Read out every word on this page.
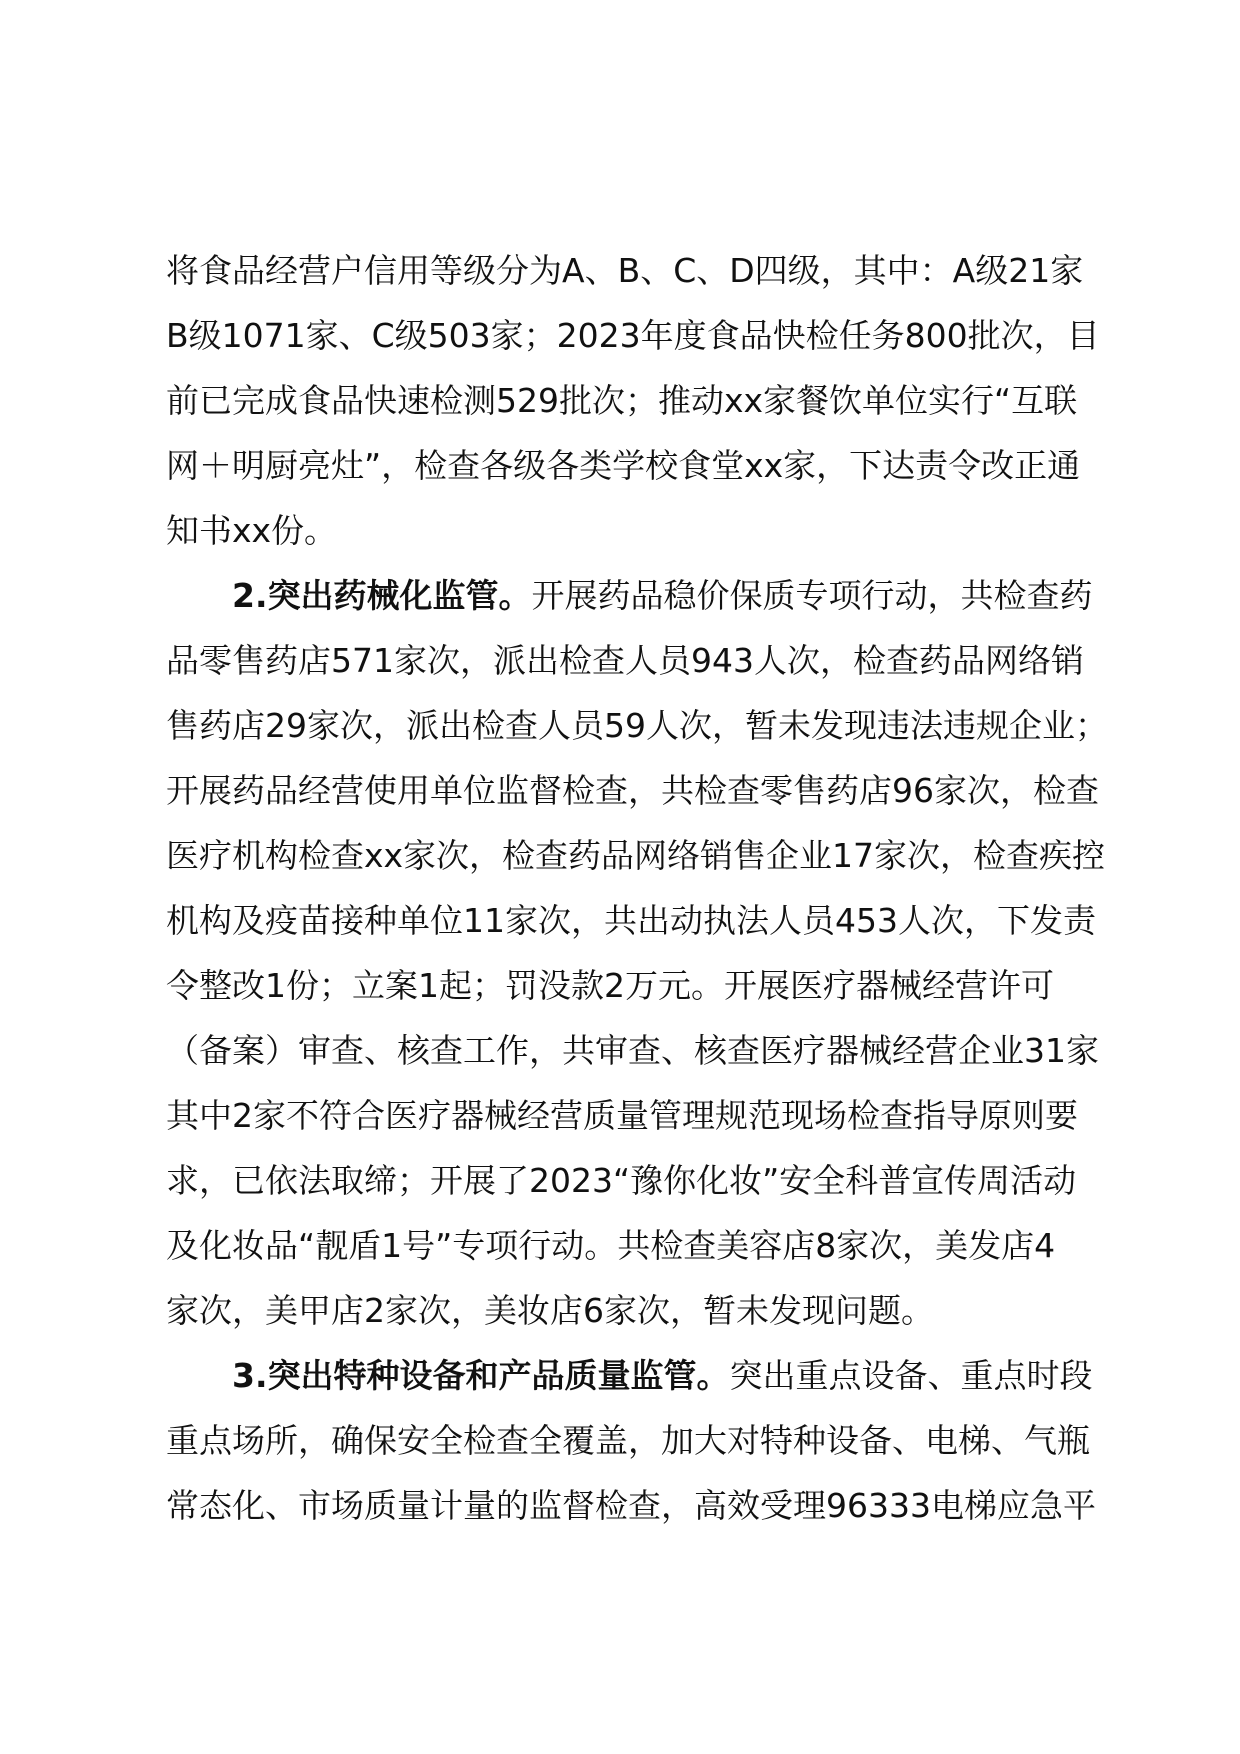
将食品经营户信用等级分为A、B、C、D四级，其中：A级21家
B级1071家、C级503家；2023年度食品快检任务800批次，目
前已完成食品快速检测529批次；推动xx家餐饮单位实行“互联
网＋明厨亮灶”，检查各级各类学校食堂xx家，下达责令改正通
知书xx份。
2.突出药械化监管。开展药品稳价保质专项行动，共检查药
品零售药店571家次，派出检查人员943人次，检查药品网络销
售药店29家次，派出检查人员59人次，暂未发现违法违规企业；
开展药品经营使用单位监督检查，共检查零售药店96家次，检查
医疗机构检查xx家次，检查药品网络销售企业17家次，检查疾控
机构及疫苗接种单位11家次，共出动执法人员453人次，下发责
令整改1份；立案1起；罚没款2万元。开展医疗器械经营许可
（备案）审查、核查工作，共审查、核查医疗器械经营企业31家
其中2家不符合医疗器械经营质量管理规范现场检查指导原则要
求，已依法取缔；开展了2023“豫你化妆”安全科普宣传周活动
及化妆品“靓盾1号”专项行动。共检查美容店8家次，美发店4
家次，美甲店2家次，美妆店6家次，暂未发现问题。
3.突出特种设备和产品质量监管。突出重点设备、重点时段
重点场所，确保安全检查全覆盖，加大对特种设备、电梯、气瓶
常态化、市场质量计量的监督检查，高效受理96333电梯应急平
